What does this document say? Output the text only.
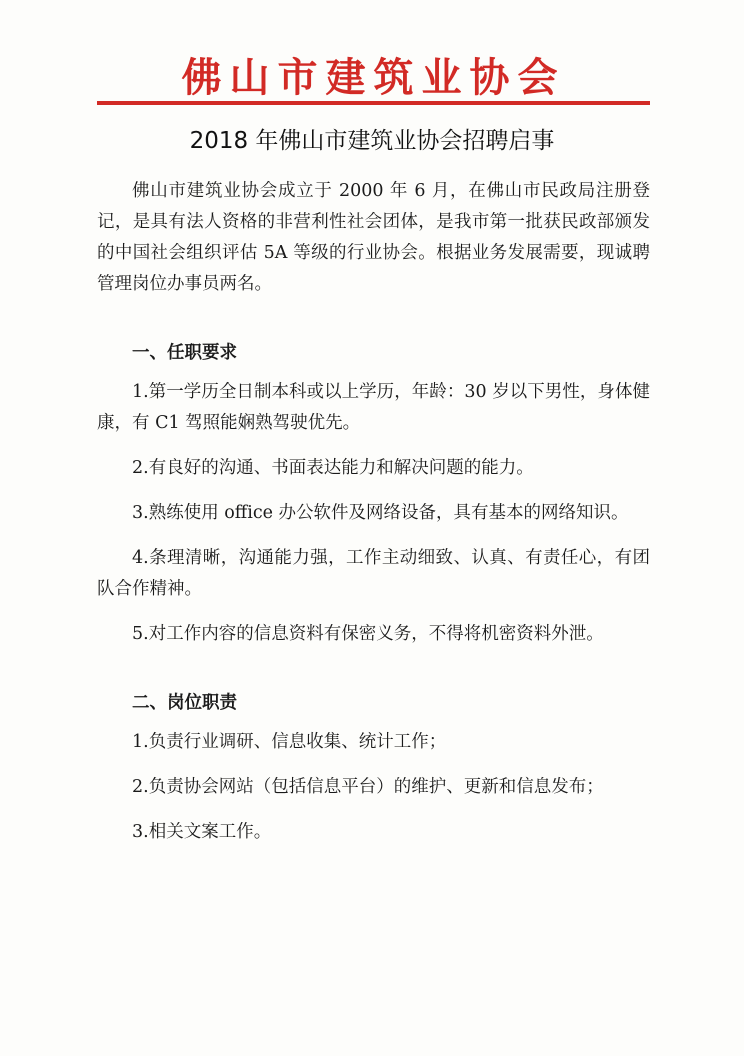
佛山市建筑业协会
2018 年佛山市建筑业协会招聘启事

佛山市建筑业协会成立于 2000 年 6 月，在佛山市民政局注册登记，是具有法人资格的非营利性社会团体，是我市第一批获民政部颁发的中国社会组织评估 5A 等级的行业协会。根据业务发展需要，现诚聘管理岗位办事员两名。

一、任职要求

1.第一学历全日制本科或以上学历，年龄：30 岁以下男性，身体健康，有 C1 驾照能娴熟驾驶优先。

2.有良好的沟通、书面表达能力和解决问题的能力。

3.熟练使用 office 办公软件及网络设备，具有基本的网络知识。

4.条理清晰，沟通能力强，工作主动细致、认真、有责任心，有团队合作精神。

5.对工作内容的信息资料有保密义务，不得将机密资料外泄。

二、岗位职责

1.负责行业调研、信息收集、统计工作；

2.负责协会网站（包括信息平台）的维护、更新和信息发布；

3.相关文案工作。
